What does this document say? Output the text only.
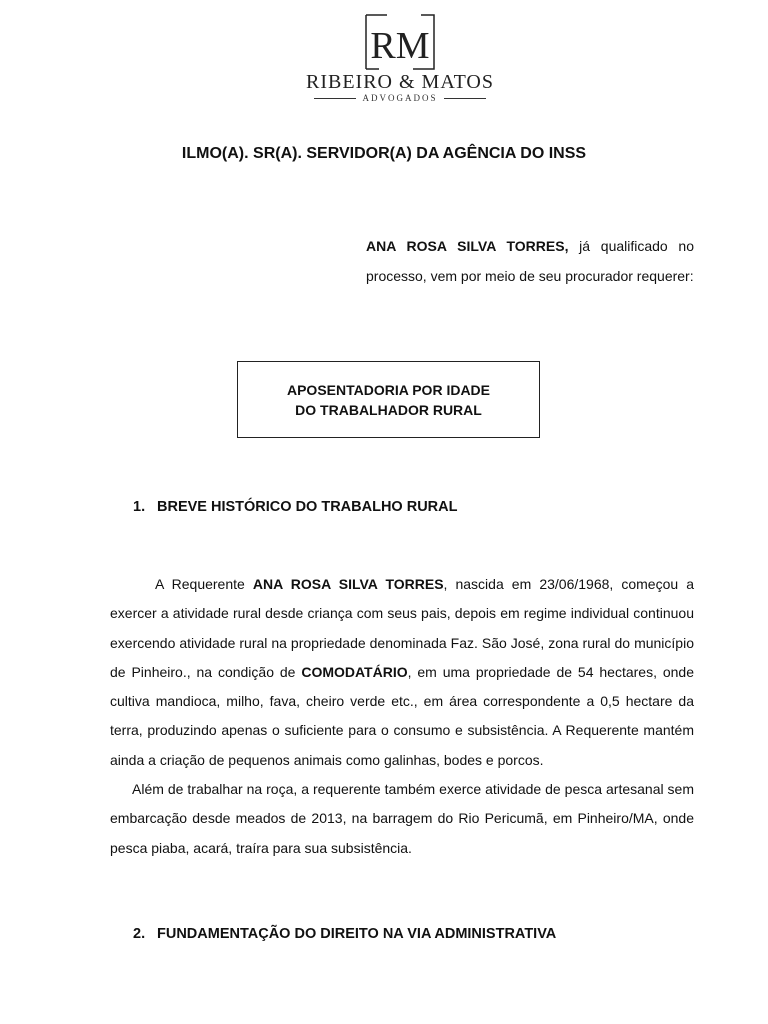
RM
RIBEIRO & MATOS
ADVOGADOS
ILMO(A). SR(A). SERVIDOR(A) DA AGÊNCIA DO INSS
ANA ROSA SILVA TORRES, já qualificado no processo, vem por meio de seu procurador requerer:
APOSENTADORIA POR IDADE
DO TRABALHADOR RURAL
1. BREVE HISTÓRICO DO TRABALHO RURAL

A Requerente ANA ROSA SILVA TORRES, nascida em 23/06/1968, começou a exercer a atividade rural desde criança com seus pais, depois em regime individual continuou exercendo atividade rural na propriedade denominada Faz. São José, zona rural do município de Pinheiro., na condição de COMODATÁRIO, em uma propriedade de 54 hectares, onde cultiva mandioca, milho, fava, cheiro verde etc., em área correspondente a 0,5 hectare da terra, produzindo apenas o suficiente para o consumo e subsistência. A Requerente mantém ainda a criação de pequenos animais como galinhas, bodes e porcos.

Além de trabalhar na roça, a requerente também exerce atividade de pesca artesanal sem embarcação desde meados de 2013, na barragem do Rio Pericumã, em Pinheiro/MA, onde pesca piaba, acará, traíra para sua subsistência.

2. FUNDAMENTAÇÃO DO DIREITO NA VIA ADMINISTRATIVA
